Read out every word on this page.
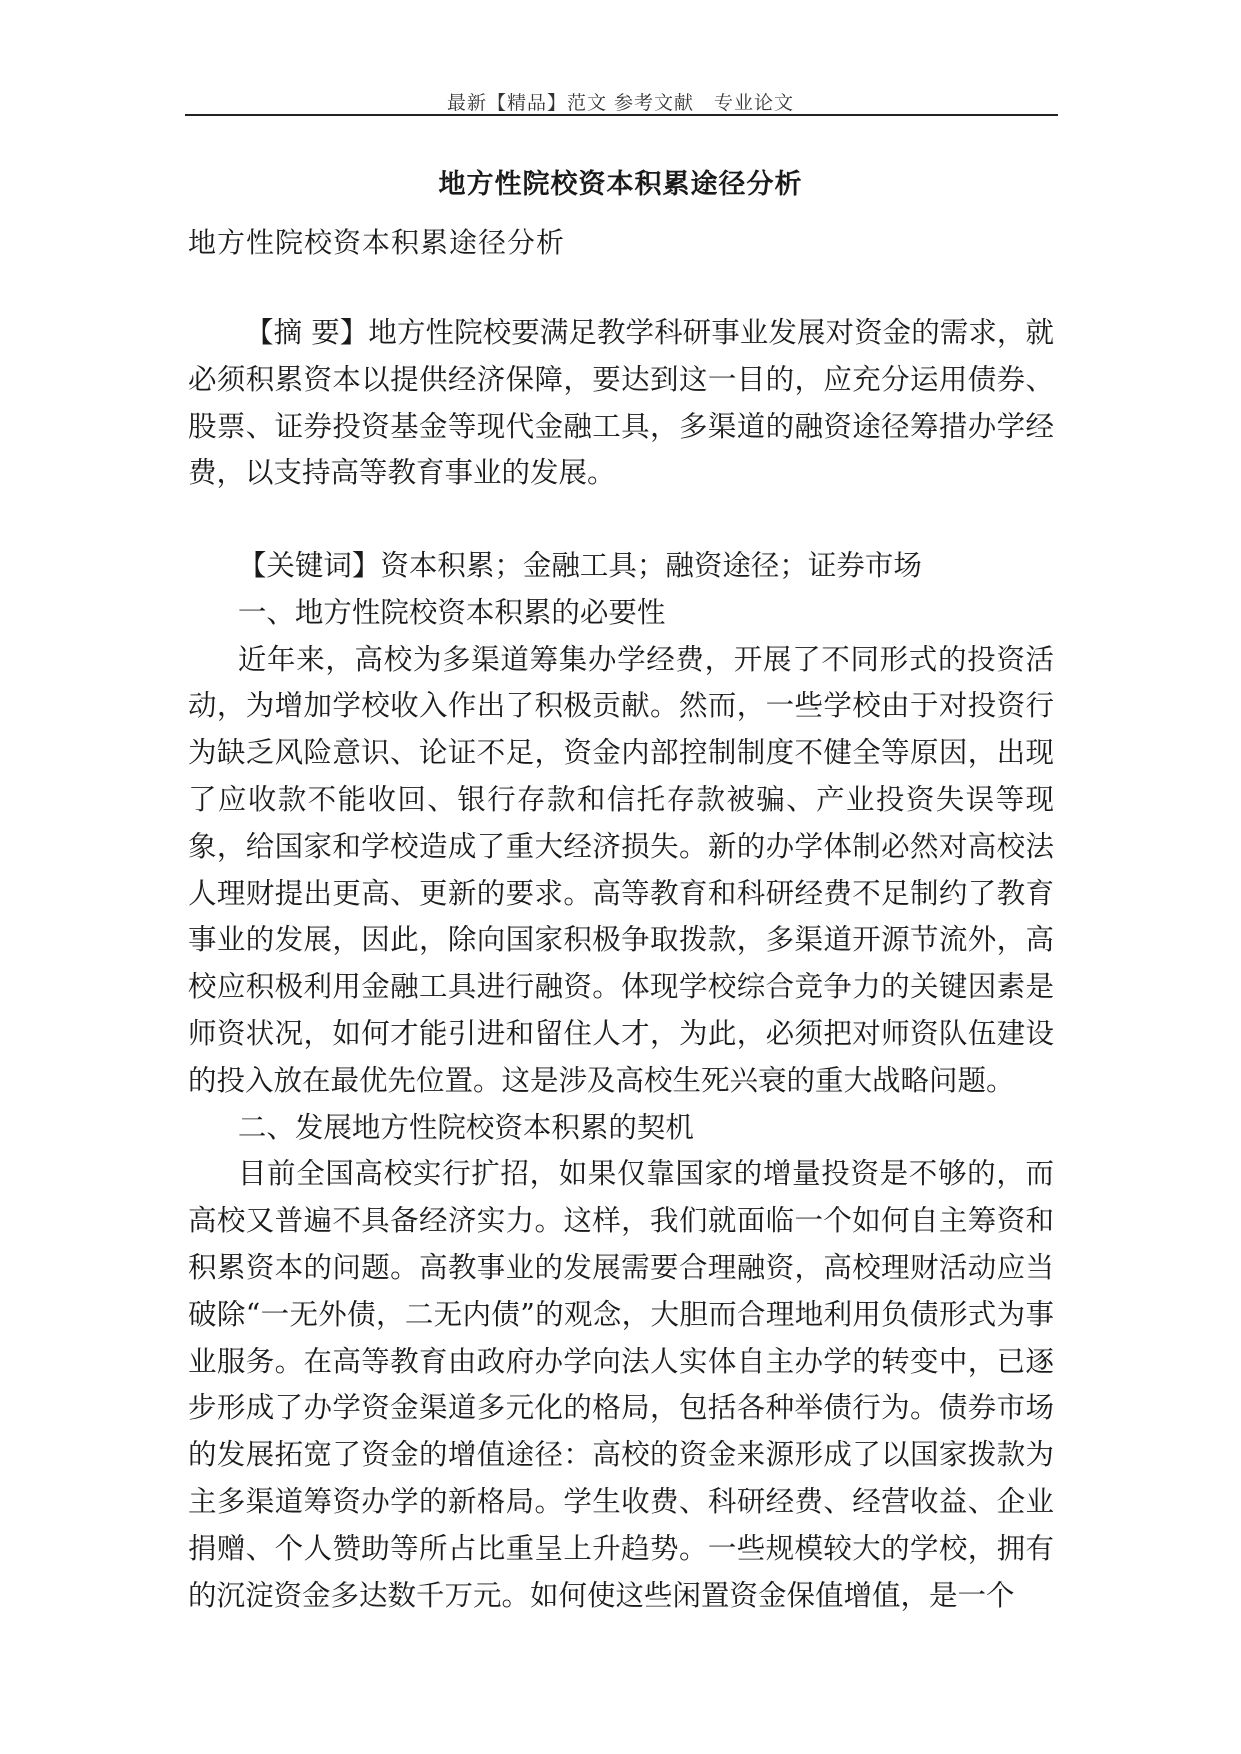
最新【精品】范文 参考文献　专业论文
地方性院校资本积累途径分析
地方性院校资本积累途径分析

【摘 要】地方性院校要满足教学科研事业发展对资金的需求，就必须积累资本以提供经济保障，要达到这一目的，应充分运用债券、股票、证券投资基金等现代金融工具，多渠道的融资途径筹措办学经费，以支持高等教育事业的发展。

【关键词】资本积累；金融工具；融资途径；证券市场

一、地方性院校资本积累的必要性

近年来，高校为多渠道筹集办学经费，开展了不同形式的投资活动，为增加学校收入作出了积极贡献。然而，一些学校由于对投资行为缺乏风险意识、论证不足，资金内部控制制度不健全等原因，出现了应收款不能收回、银行存款和信托存款被骗、产业投资失误等现象，给国家和学校造成了重大经济损失。新的办学体制必然对高校法人理财提出更高、更新的要求。高等教育和科研经费不足制约了教育事业的发展，因此，除向国家积极争取拨款，多渠道开源节流外，高校应积极利用金融工具进行融资。体现学校综合竞争力的关键因素是师资状况，如何才能引进和留住人才，为此，必须把对师资队伍建设的投入放在最优先位置。这是涉及高校生死兴衰的重大战略问题。

二、发展地方性院校资本积累的契机

目前全国高校实行扩招，如果仅靠国家的增量投资是不够的，而高校又普遍不具备经济实力。这样，我们就面临一个如何自主筹资和积累资本的问题。高教事业的发展需要合理融资，高校理财活动应当破除“一无外债，二无内债”的观念，大胆而合理地利用负债形式为事业服务。在高等教育由政府办学向法人实体自主办学的转变中，已逐步形成了办学资金渠道多元化的格局，包括各种举债行为。债券市场的发展拓宽了资金的增值途径：高校的资金来源形成了以国家拨款为主多渠道筹资办学的新格局。学生收费、科研经费、经营收益、企业捐赠、个人赞助等所占比重呈上升趋势。一些规模较大的学校，拥有的沉淀资金多达数千万元。如何使这些闲置资金保值增值，是一个
